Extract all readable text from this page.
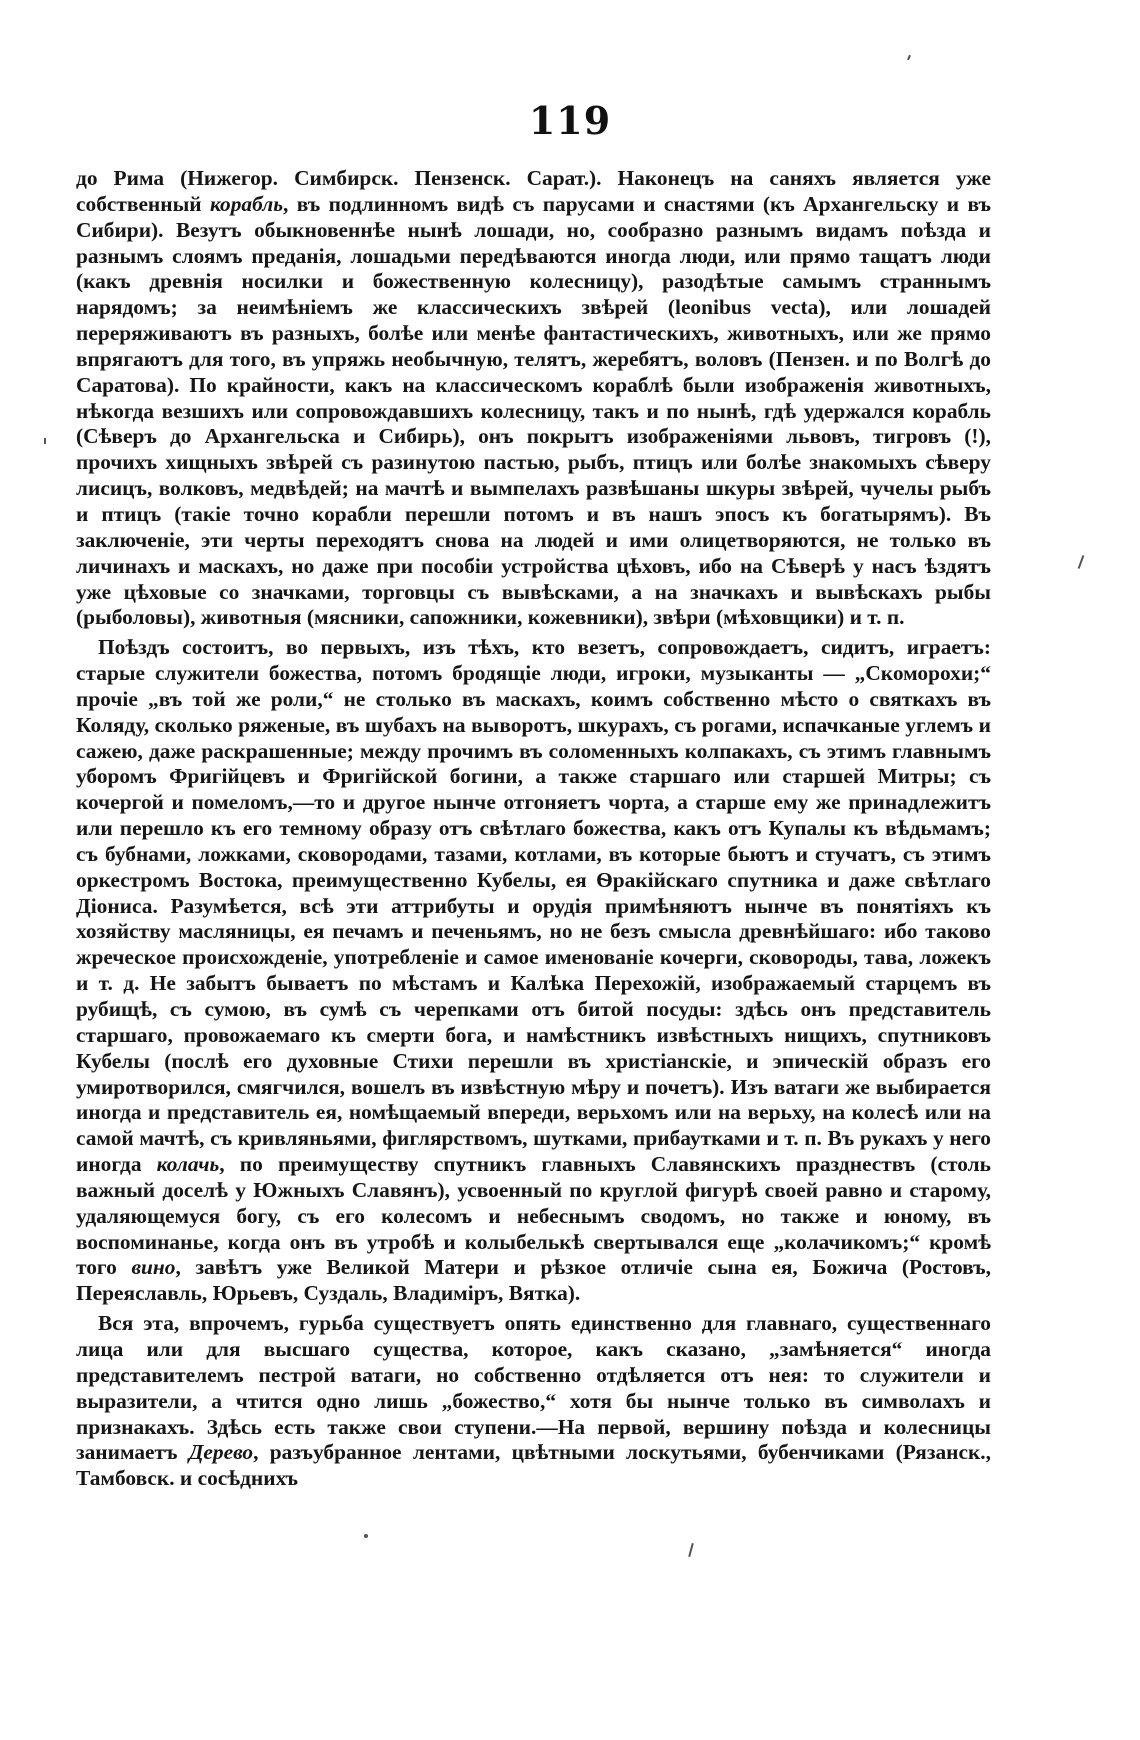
119

до Рима (Нижегор. Симбирск. Пензенск. Сарат.). Наконецъ на саняхъ является уже собственный корабль, въ подлинномъ видѣ съ парусами и снастями (къ Архангельску и въ Сибири). Везутъ обыкновеннѣе нынѣ лошади, но, сообразно разнымъ видамъ поѣзда и разнымъ слоямъ преданія, лошадьми передѣваются иногда люди, или прямо тащатъ люди (какъ древнія носилки и божественную колесницу), разодѣтые самымъ страннымъ нарядомъ; за неимѣніемъ же классическихъ звѣрей (leonibus vecta), или лошадей переряживаютъ въ разныхъ, болѣе или менѣе фантастическихъ, животныхъ, или же прямо впрягаютъ для того, въ упряжь необычную, телятъ, жеребятъ, воловъ (Пензен. и по Волгѣ до Саратова). По крайности, какъ на классическомъ кораблѣ были изображенія животныхъ, нѣкогда везшихъ или сопровождавшихъ колесницу, такъ и по нынѣ, гдѣ удержался корабль (Сѣверъ до Архангельска и Сибирь), онъ покрытъ изображеніями львовъ, тигровъ (!), прочихъ хищныхъ звѣрей съ разинутою пастью, рыбъ, птицъ или болѣе знакомыхъ сѣверу лисицъ, волковъ, медвѣдей; на мачтѣ и вымпелахъ развѣшаны шкуры звѣрей, чучелы рыбъ и птицъ (такіе точно корабли перешли потомъ и въ нашъ эпосъ къ богатырямъ). Въ заключеніе, эти черты переходятъ снова на людей и ими олицетворяются, не только въ личинахъ и маскахъ, но даже при пособіи устройства цѣховъ, ибо на Сѣверѣ у насъ ѣздятъ уже цѣховые со значками, торговцы съ вывѣсками, а на значкахъ и вывѣскахъ рыбы (рыболовы), животныя (мясники, сапожники, кожевники), звѣри (мѣховщики) и т. п.

Поѣздъ состоитъ, во первыхъ, изъ тѣхъ, кто везетъ, сопровождаетъ, сидитъ, играетъ: старые служители божества, потомъ бродящіе люди, игроки, музыканты — „Скоморохи;“ прочіе „въ той же роли,“ не столько въ маскахъ, коимъ собственно мѣсто о святкахъ въ Коляду, сколько ряженые, въ шубахъ на выворотъ, шкурахъ, съ рогами, испачканые углемъ и сажею, даже раскрашенные; между прочимъ въ соломенныхъ колпакахъ, съ этимъ главнымъ уборомъ Фригійцевъ и Фригійской богини, а также старшаго или старшей Митры; съ кочергой и помеломъ,—то и другое нынче отгоняетъ чорта, а старше ему же принадлежитъ или перешло къ его темному образу отъ свѣтлаго божества, какъ отъ Купалы къ вѣдьмамъ; съ бубнами, ложками, сковородами, тазами, котлами, въ которые бьютъ и стучатъ, съ этимъ оркестромъ Востока, преимущественно Кубелы, ея Ѳракійскаго спутника и даже свѣтлаго Діониса. Разумѣется, всѣ эти аттрибуты и орудія примѣняютъ нынче въ понятіяхъ къ хозяйству масляницы, ея печамъ и печеньямъ, но не безъ смысла древнѣйшаго: ибо таково жреческое происхожденіе, употребленіе и самое именованіе кочерги, сковороды, тава, ложекъ и т. д. Не забытъ бываетъ по мѣстамъ и Калѣка Перехожій, изображаемый старцемъ въ рубищѣ, съ сумою, въ сумѣ съ черепками отъ битой посуды: здѣсь онъ представитель старшаго, провожаемаго къ смерти бога, и намѣстникъ извѣстныхъ нищихъ, спутниковъ Кубелы (послѣ его духовные Стихи перешли въ христіанскіе, и эпическій образъ его умиротворился, смягчился, вошелъ въ извѣстную мѣру и почетъ). Изъ ватаги же выбирается иногда и представитель ея, номѣщаемый впереди, верьхомъ или на верьху, на колесѣ или на самой мачтѣ, съ кривляньями, фиглярствомъ, шутками, прибаутками и т. п. Въ рукахъ у него иногда колачь, по преимуществу спутникъ главныхъ Славянскихъ празднествъ (столь важный доселѣ у Южныхъ Славянъ), усвоенный по круглой фигурѣ своей равно и старому, удаляющемуся богу, съ его колесомъ и небеснымъ сводомъ, но также и юному, въ воспоминанье, когда онъ въ утробѣ и колыбелькѣ свертывался еще „колачикомъ;“ кромѣ того вино, завѣтъ уже Великой Матери и рѣзкое отличіе сына ея, Божича (Ростовъ, Переяславль, Юрьевъ, Суздаль, Владиміръ, Вятка).

Вся эта, впрочемъ, гурьба существуетъ опять единственно для главнаго, существеннаго лица или для высшаго существа, которое, какъ сказано, „замѣняется“ иногда представителемъ пестрой ватаги, но собственно отдѣляется отъ нея: то служители и выразители, а чтится одно лишь „божество,“ хотя бы нынче только въ символахъ и признакахъ. Здѣсь есть также свои ступени.—На первой, вершину поѣзда и колесницы занимаетъ Дерево, разъубранное лентами, цвѣтными лоскутьями, бубенчиками (Рязанск., Тамбовск. и сосѣднихъ
